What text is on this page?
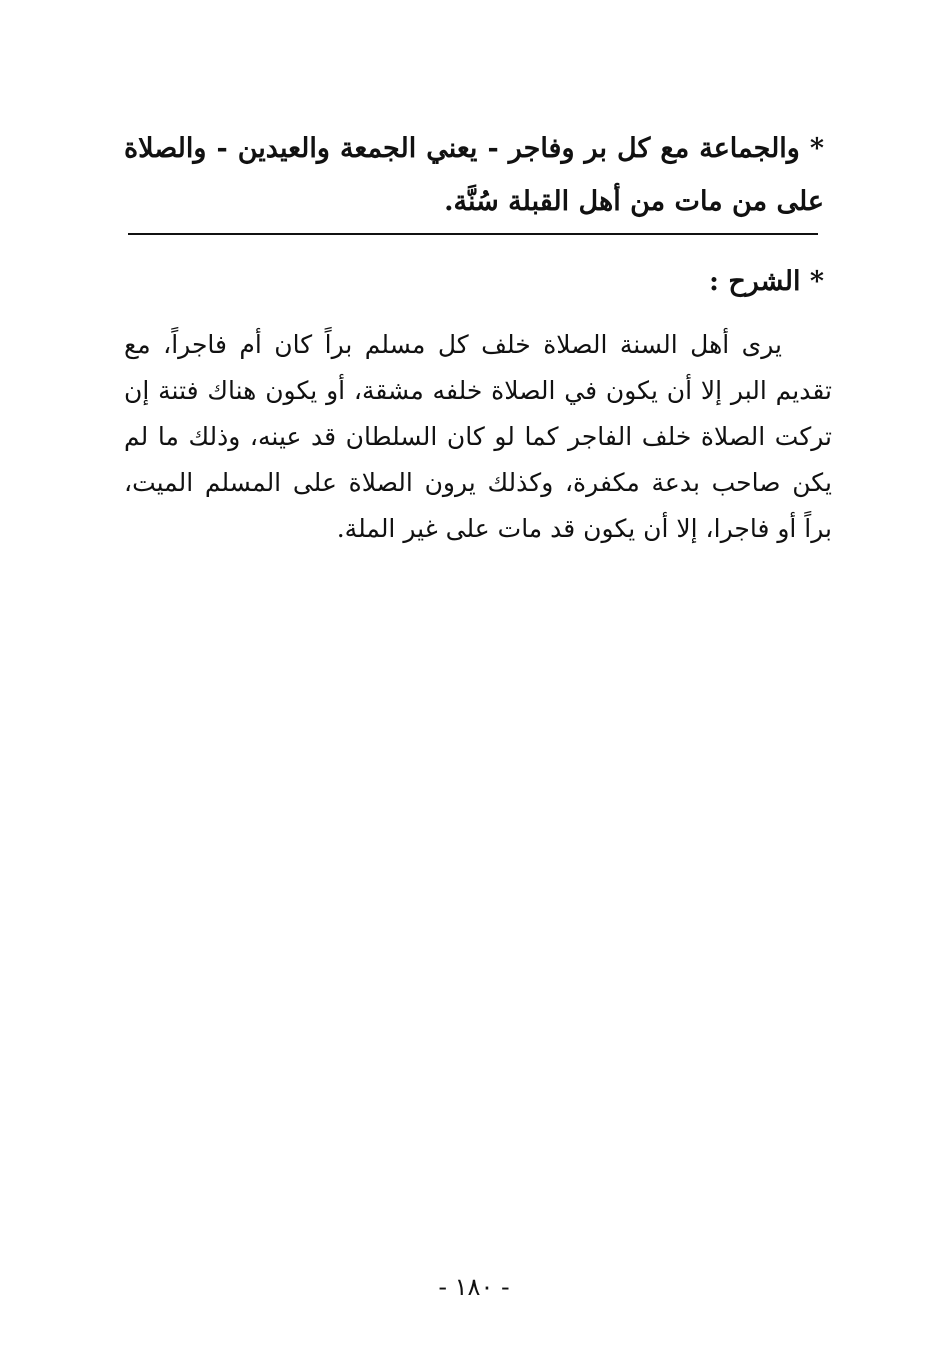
* والجماعة مع كل بر وفاجر - يعني الجمعة والعيدين - والصلاة على من مات من أهل القبلة سُنَّة.

* الشرح :

يرى أهل السنة الصلاة خلف كل مسلم براً كان أم فاجراً، مع تقديم البر إلا أن يكون في الصلاة خلفه مشقة، أو يكون هناك فتنة إن تركت الصلاة خلف الفاجر كما لو كان السلطان قد عينه، وذلك ما لم يكن صاحب بدعة مكفرة، وكذلك يرون الصلاة على المسلم الميت، براً أو فاجرا، إلا أن يكون قد مات على غير الملة.

- ١٨٠ -
